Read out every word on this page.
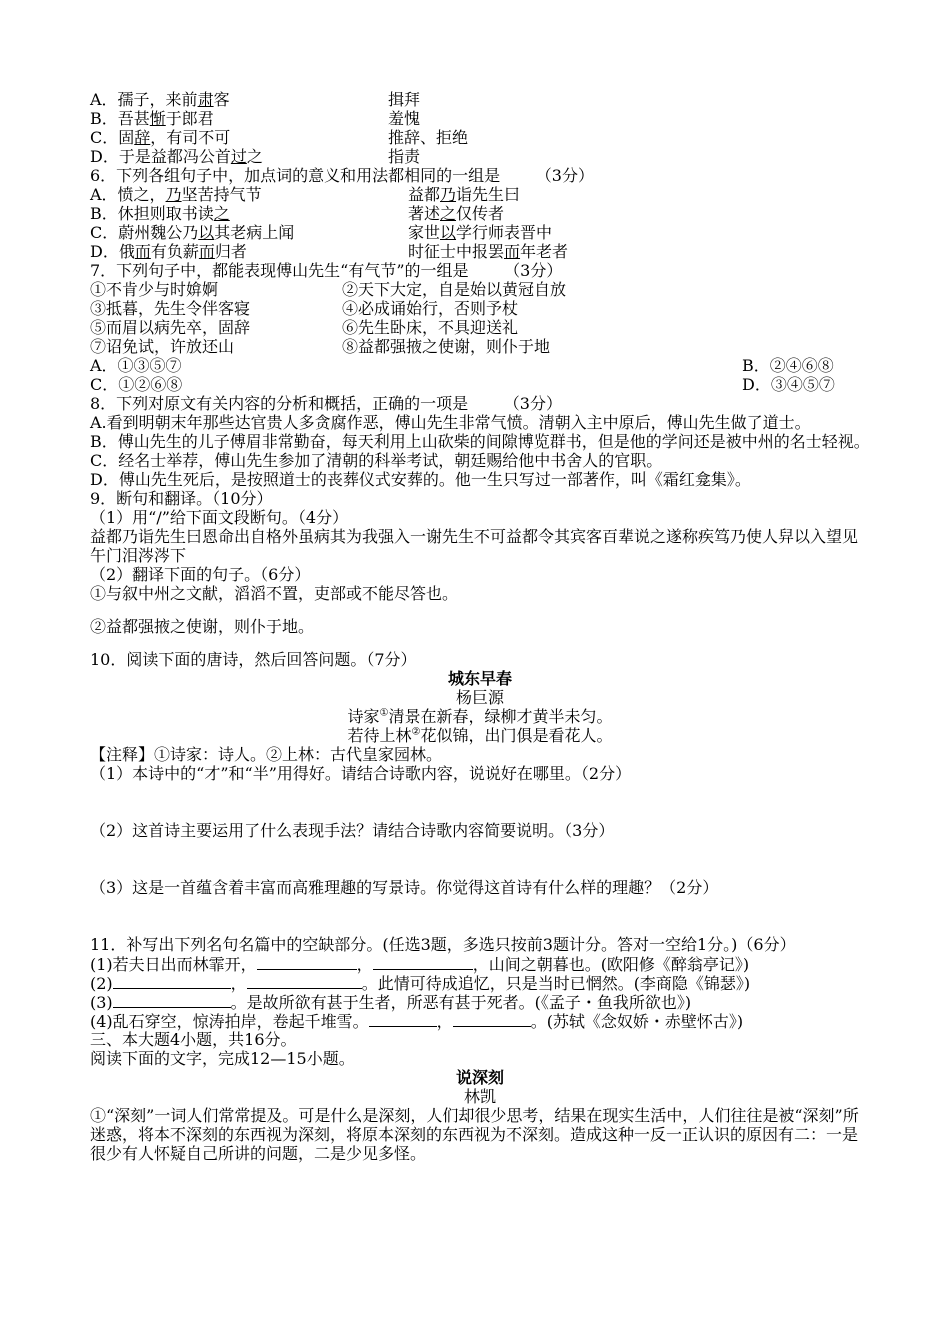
A．孺子，来前肃客	揖拜
B．吾甚惭于郎君	羞愧
C．固辞，有司不可	推辞、拒绝
D．于是益都冯公首过之	指责
6．下列各组句子中，加点词的意义和用法都相同的一组是 （3分）
A．愤之，乃坚苦持气节	益都乃诣先生曰
B．休担则取书读之	著述之仅传者
C．蔚州魏公乃以其老病上闻	家世以学行师表晋中
D．俄而有负薪而归者	时征士中报罢而年老者
7．下列句子中，都能表现傅山先生“有气节”的一组是 （3分）
①不肯少与时媕婀	②天下大定，自是始以黄冠自放
③抵暮，先生令伴客寝	④必成诵始行，否则予杖
⑤而眉以病先卒，固辞	⑥先生卧床，不具迎送礼
⑦诏免试，许放还山	⑧益都强掖之使谢，则仆于地
A．①③⑤⑦	B．②④⑥⑧
C．①②⑥⑧	D．③④⑤⑦
8．下列对原文有关内容的分析和概括，正确的一项是 （3分）
A.看到明朝末年那些达官贵人多贪腐作恶，傅山先生非常气愤。清朝入主中原后，傅山先生做了道士。
B．傅山先生的儿子傅眉非常勤奋，每天利用上山砍柴的间隙博览群书，但是他的学问还是被中州的名士轻视。
C．经名士举荐，傅山先生参加了清朝的科举考试，朝廷赐给他中书舍人的官职。
D．傅山先生死后，是按照道士的丧葬仪式安葬的。他一生只写过一部著作，叫《霜红龛集》。
9．断句和翻译。（10分）
（1）用“/”给下面文段断句。（4分）
益都乃诣先生曰恩命出自格外虽病其为我强入一谢先生不可益都令其宾客百辈说之遂称疾笃乃使人舁以入望见午门泪涔涔下
（2）翻译下面的句子。（6分）
①与叙中州之文献，滔滔不置，吏部或不能尽答也。
②益都强掖之使谢，则仆于地。
10．阅读下面的唐诗，然后回答问题。（7分）
城东早春
杨巨源
诗家①清景在新春，绿柳才黄半未匀。
若待上林②花似锦，出门俱是看花人。
【注释】①诗家：诗人。②上林：古代皇家园林。
（1）本诗中的“才”和“半”用得好。请结合诗歌内容，说说好在哪里。（2分）
（2）这首诗主要运用了什么表现手法？请结合诗歌内容简要说明。（3分）
（3）这是一首蕴含着丰富而高雅理趣的写景诗。你觉得这首诗有什么样的理趣？（2分）
11．补写出下列名句名篇中的空缺部分。(任选3题，多选只按前3题计分。答对一空给1分。)（6分）
(1)若夫日出而林霏开，	，	，山间之朝暮也。(欧阳修《醉翁亭记》)
(2)	，	。此情可待成追忆，只是当时已惘然。(李商隐《锦瑟》)
(3)	。是故所欲有甚于生者，所恶有甚于死者。(《孟子・鱼我所欲也》)
(4)乱石穿空，惊涛拍岸，卷起千堆雪。	，	。(苏轼《念奴娇・赤壁怀古》)
三、本大题4小题，共16分。
阅读下面的文字，完成12—15小题。
说深刻
林凯
①“深刻”一词人们常常提及。可是什么是深刻，人们却很少思考，结果在现实生活中，人们往往是被“深刻”所迷惑，将本不深刻的东西视为深刻，将原本深刻的东西视为不深刻。造成这种一反一正认识的原因有二：一是很少有人怀疑自己所讲的问题，二是少见多怪。
